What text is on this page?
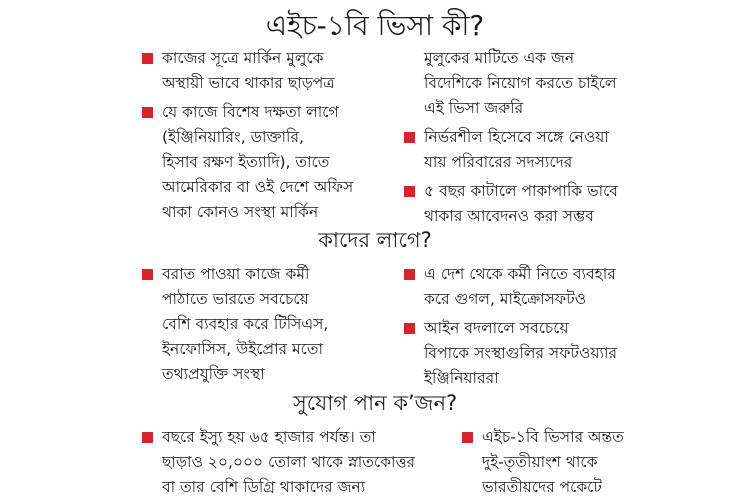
এইচ-১বি ভিসা কী?
কাজের সূত্রে মার্কিন মুলুকে
অস্থায়ী ভাবে থাকার ছাড়পত্র
যে কাজে বিশেষ দক্ষতা লাগে
(ইঞ্জিনিয়ারিং, ডাক্তারি,
হিসাব রক্ষণ ইত্যাদি), তাতে
আমেরিকার বা ওই দেশে অফিস
থাকা কোনও সংস্থা মার্কিন
মুলুকের মাটিতে এক জন
বিদেশিকে নিয়োগ করতে চাইলে
এই ভিসা জরুরি
নির্ভরশীল হিসেবে সঙ্গে নেওয়া
যায় পরিবারের সদস্যদের
৫ বছর কাটালে পাকাপাকি ভাবে
থাকার আবেদনও করা সম্ভব
কাদের লাগে?
বরাত পাওয়া কাজে কর্মী
পাঠাতে ভারতে সবচেয়ে
বেশি ব্যবহার করে টিসিএস,
ইনফোসিস, উইপ্রোর মতো
তথ্যপ্রযুক্তি সংস্থা
এ দেশ থেকে কর্মী নিতে ব্যবহার
করে গুগল, মাইক্রোসফটও
আইন বদলালে সবচেয়ে
বিপাকে সংস্থাগুলির সফটওয়্যার
ইঞ্জিনিয়াররা
সুযোগ পান ক’জন?
বছরে ইস্যু হয় ৬৫ হাজার পর্যন্ত। তা
ছাড়াও ২০,০০০ তোলা থাকে স্নাতকোত্তর
বা তার বেশি ডিগ্রি থাকাদের জন্য
এইচ-১বি ভিসার অন্তত
দুই-তৃতীয়াংশ থাকে
ভারতীয়দের পকেটে
